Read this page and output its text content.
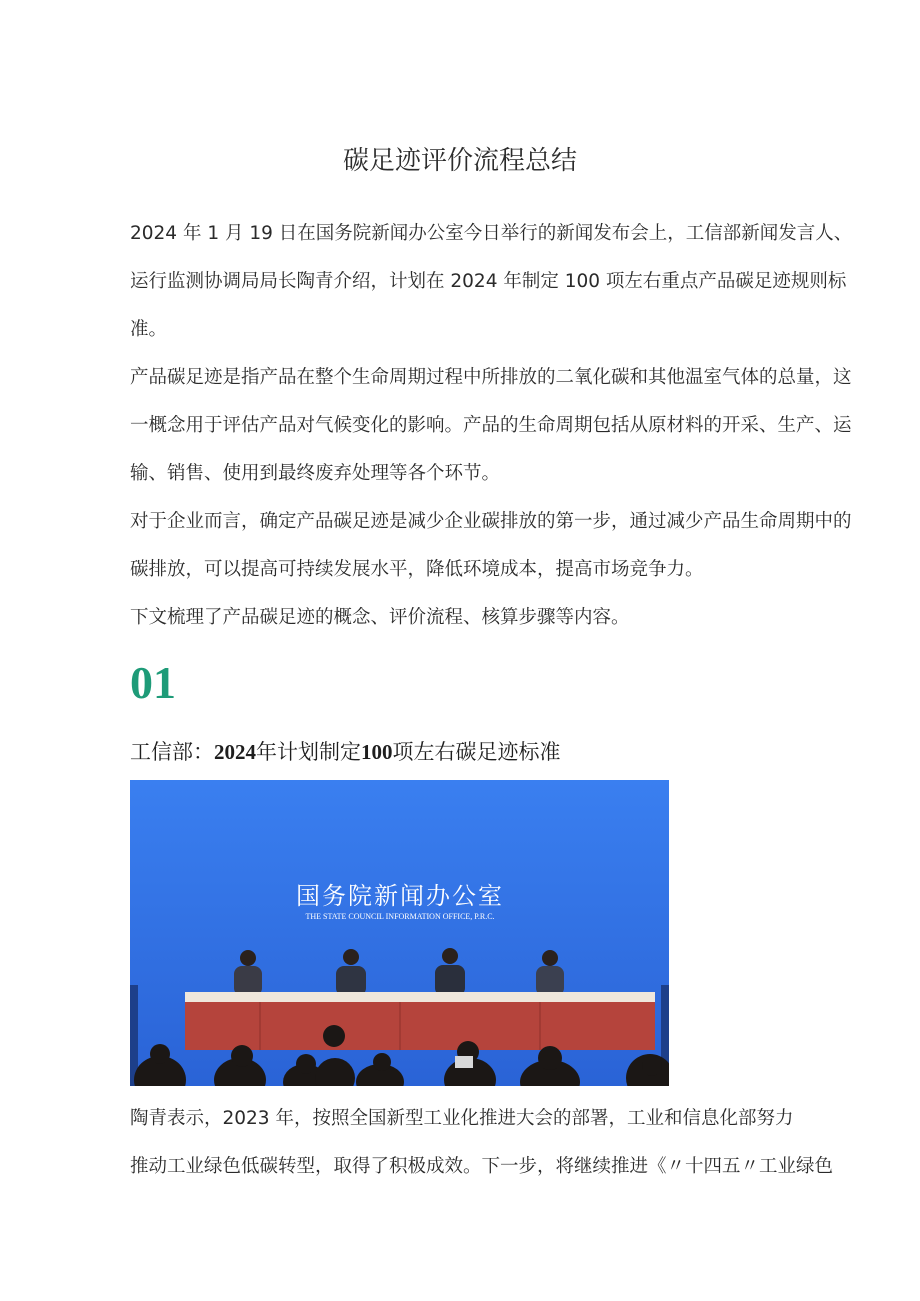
碳足迹评价流程总结

2024 年 1 月 19 日在国务院新闻办公室今日举行的新闻发布会上，工信部新闻发言人、运行监测协调局局长陶青介绍，计划在 2024 年制定 100 项左右重点产品碳足迹规则标准。

产品碳足迹是指产品在整个生命周期过程中所排放的二氧化碳和其他温室气体的总量，这一概念用于评估产品对气候变化的影响。产品的生命周期包括从原材料的开采、生产、运输、销售、使用到最终废弃处理等各个环节。

对于企业而言，确定产品碳足迹是减少企业碳排放的第一步，通过减少产品生命周期中的碳排放，可以提高可持续发展水平，降低环境成本，提高市场竞争力。

下文梳理了产品碳足迹的概念、评价流程、核算步骤等内容。

01
工信部：2024年计划制定100项左右碳足迹标准
国务院新闻办公室
THE STATE COUNCIL INFORMATION OFFICE, P.R.C.

陶青表示，2023 年，按照全国新型工业化推进大会的部署，工业和信息化部努力

推动工业绿色低碳转型，取得了积极成效。下一步，将继续推进《〃十四五〃工业绿色
